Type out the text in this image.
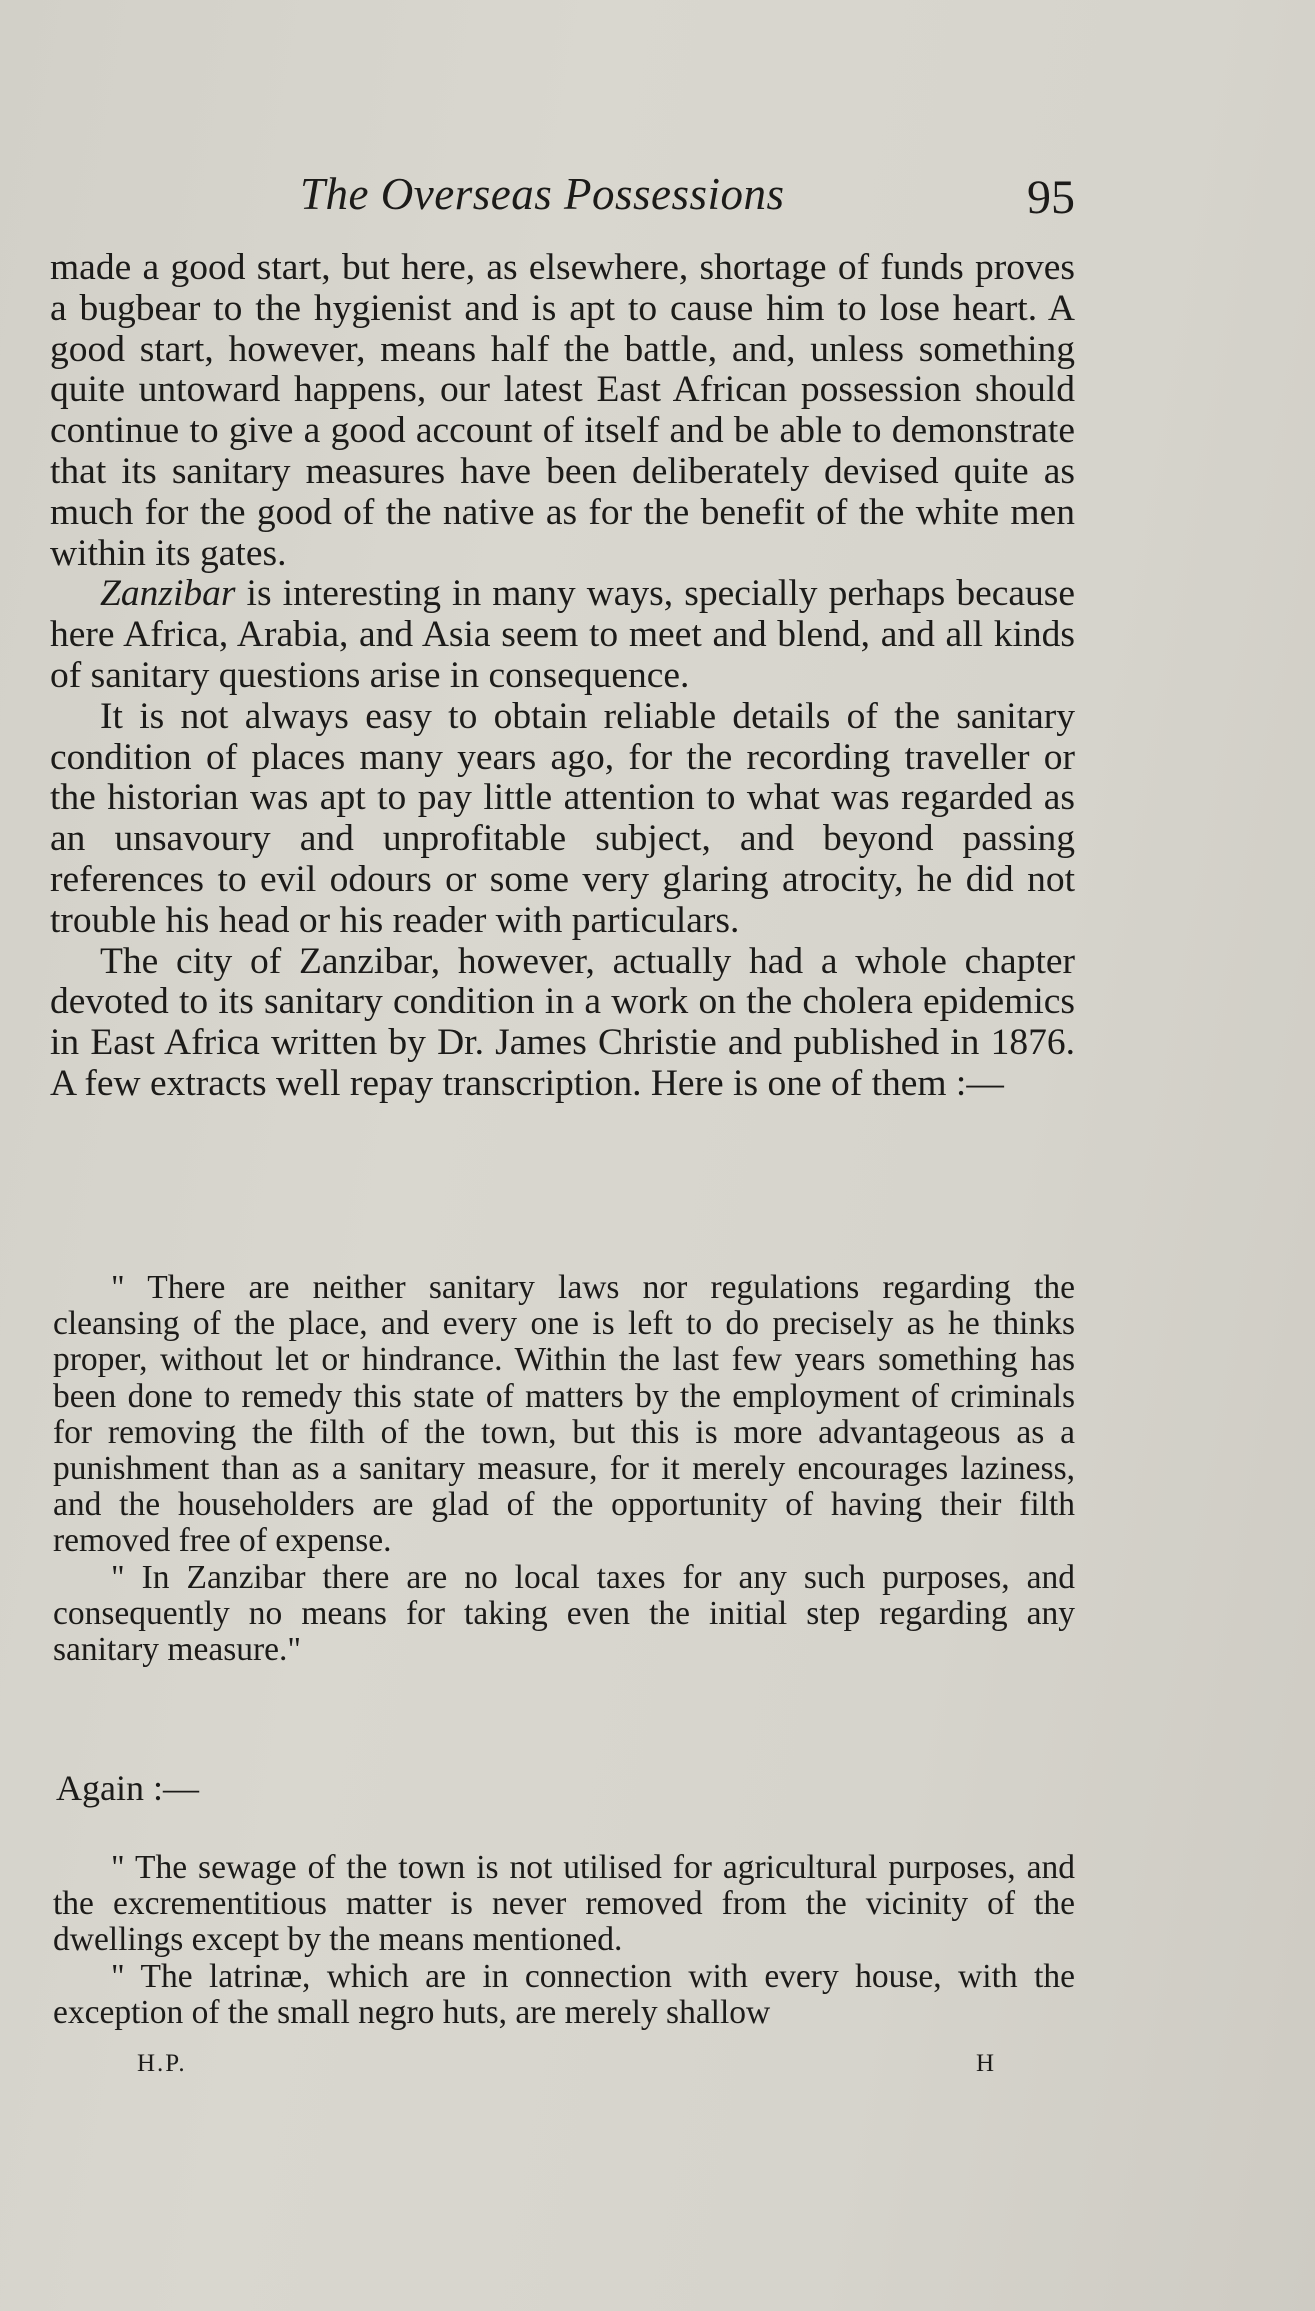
The Overseas Possessions	95

made a good start, but here, as elsewhere, shortage of funds proves a bugbear to the hygienist and is apt to cause him to lose heart. A good start, however, means half the battle, and, unless something quite untoward happens, our latest East African possession should continue to give a good account of itself and be able to demonstrate that its sanitary measures have been deliberately devised quite as much for the good of the native as for the benefit of the white men within its gates.

Zanzibar is interesting in many ways, specially perhaps because here Africa, Arabia, and Asia seem to meet and blend, and all kinds of sanitary questions arise in consequence.

It is not always easy to obtain reliable details of the sanitary condition of places many years ago, for the recording traveller or the historian was apt to pay little attention to what was regarded as an unsavoury and unprofitable subject, and beyond passing references to evil odours or some very glaring atrocity, he did not trouble his head or his reader with particulars.

The city of Zanzibar, however, actually had a whole chapter devoted to its sanitary condition in a work on the cholera epidemics in East Africa written by Dr. James Christie and published in 1876. A few extracts well repay transcription. Here is one of them :—

" There are neither sanitary laws nor regulations regarding the cleansing of the place, and every one is left to do precisely as he thinks proper, without let or hindrance. Within the last few years something has been done to remedy this state of matters by the employment of criminals for removing the filth of the town, but this is more advantageous as a punishment than as a sanitary measure, for it merely encourages laziness, and the householders are glad of the opportunity of having their filth removed free of expense.

" In Zanzibar there are no local taxes for any such purposes, and consequently no means for taking even the initial step regarding any sanitary measure."

Again :—

" The sewage of the town is not utilised for agricultural purposes, and the excrementitious matter is never removed from the vicinity of the dwellings except by the means mentioned.

" The latrinæ, which are in connection with every house, with the exception of the small negro huts, are merely shallow

H.P.	H
